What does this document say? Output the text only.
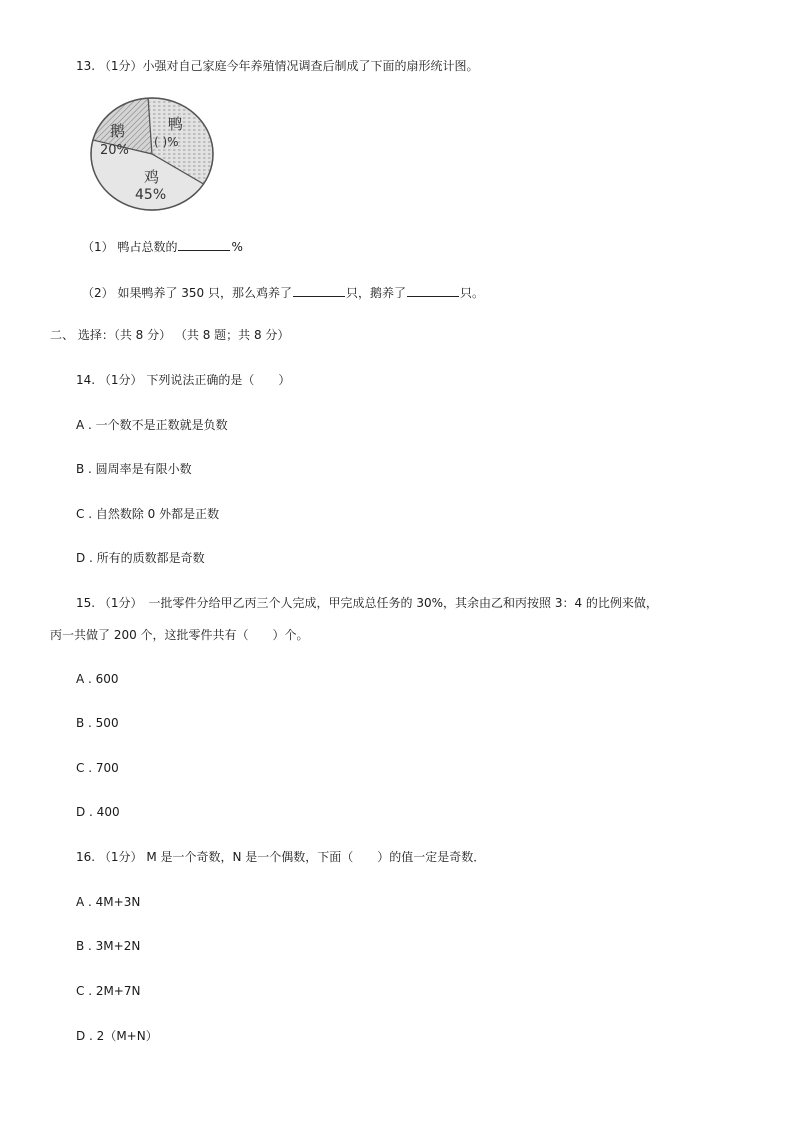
13. （1分）小强对自己家庭今年养殖情况调查后制成了下面的扇形统计图。
鹅
20%
鸭
( )%
鸡
45%
（1） 鸭占总数的	%
（2） 如果鸭养了 350 只，那么鸡养了	只，鹅养了	只。
二、 选择：（共 8 分） （共 8 题；共 8 分）
14. （1分） 下列说法正确的是（　　）
A . 一个数不是正数就是负数
B . 圆周率是有限小数
C . 自然数除 0 外都是正数
D . 所有的质数都是奇数
15. （1分）　一批零件分给甲乙丙三个人完成，甲完成总任务的 30%，其余由乙和丙按照 3：4 的比例来做，
丙一共做了 200 个，这批零件共有（　　）个。
A . 600
B . 500
C . 700
D . 400
16. （1分） M 是一个奇数，N 是一个偶数，下面（　　）的值一定是奇数．
A . 4M+3N
B . 3M+2N
C . 2M+7N
D . 2（M+N）
